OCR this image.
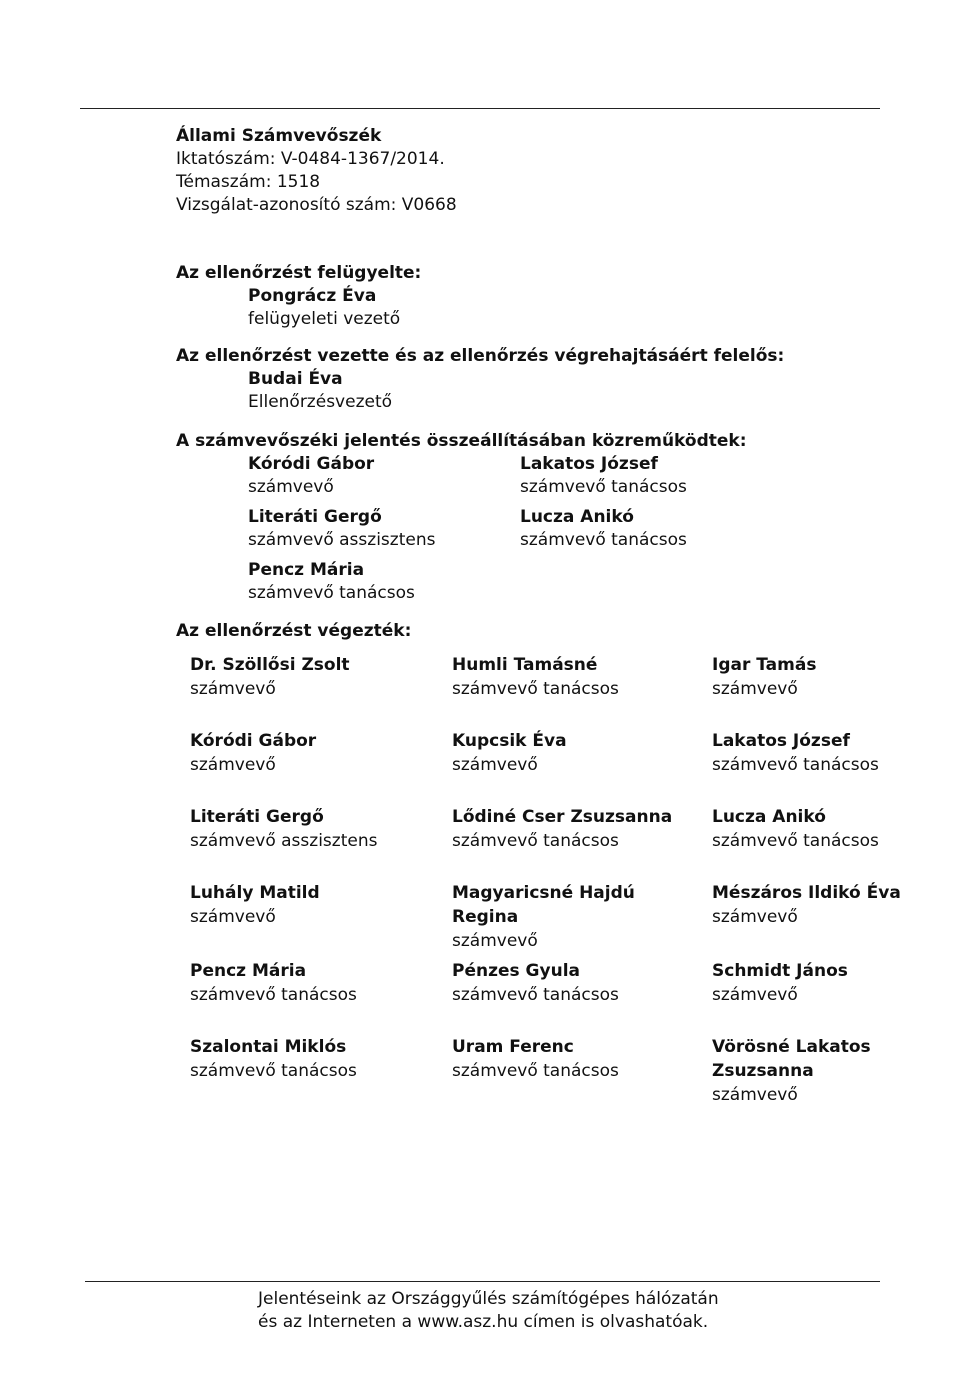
Állami Számvevőszék
Iktatószám: V-0484-1367/2014.
Témaszám: 1518
Vizsgálat-azonosító szám: V0668
Az ellenőrzést felügyelte:
Pongrácz Éva
felügyeleti vezető
Az ellenőrzést vezette és az ellenőrzés végrehajtásáért felelős:
Budai Éva
Ellenőrzésvezető
A számvevőszéki jelentés összeállításában közreműködtek:
Kóródi Gábor
számvevő
Lakatos József
számvevő tanácsos
Literáti Gergő
számvevő asszisztens
Lucza Anikó
számvevő tanácsos
Pencz Mária
számvevő tanácsos
Az ellenőrzést végezték:
Dr. Szöllősi Zsolt
számvevő
Humli Tamásné
számvevő tanácsos
Igar Tamás
számvevő
Kóródi Gábor
számvevő
Kupcsik Éva
számvevő
Lakatos József
számvevő tanácsos
Literáti Gergő
számvevő asszisztens
Lődiné Cser Zsuzsanna
számvevő tanácsos
Lucza Anikó
számvevő tanácsos
Luhály Matild
számvevő
Magyaricsné Hajdú Regina
számvevő
Mészáros Ildikó Éva
számvevő
Pencz Mária
számvevő tanácsos
Pénzes Gyula
számvevő tanácsos
Schmidt János
számvevő
Szalontai Miklós
számvevő tanácsos
Uram Ferenc
számvevő tanácsos
Vörösné Lakatos Zsuzsanna
számvevő
Jelentéseink az Országgyűlés számítógépes hálózatán
és az Interneten a www.asz.hu címen is olvashatóak.
